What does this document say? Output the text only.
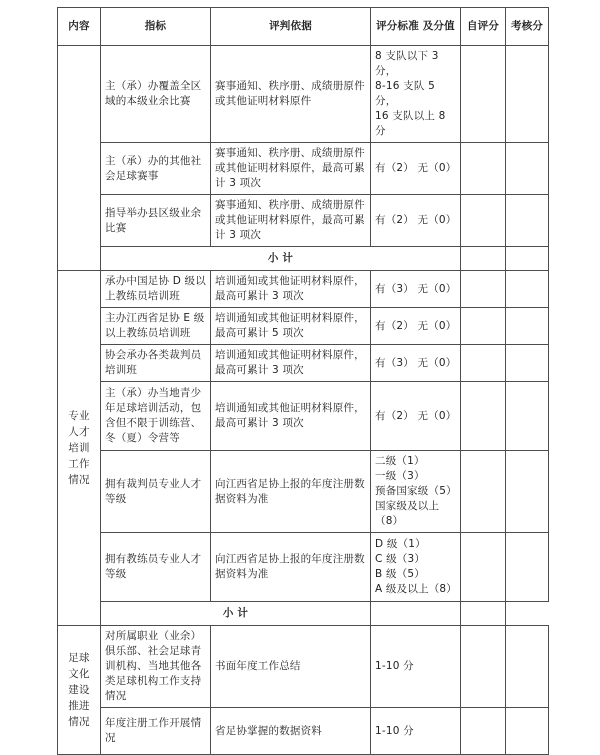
内容	指标	评判依据	评分标准 及分值	自评分	考核分
	主（承）办覆盖全区域的本级业余比赛	赛事通知、秩序册、成绩册原件或其他证明材料原件	8 支队以下 3 分，
8-16 支队 5 分，
16 支队以上 8 分		

	主（承）办的其他社会足球赛事	赛事通知、秩序册、成绩册原件或其他证明材料原件，最高可累计 3 项次	有（2） 无（0）		

	指导举办县区级业余比赛	赛事通知、秩序册、成绩册原件或其他证明材料原件，最高可累计 3 项次	有（2） 无（0）		

	小 计				

专业
人才
培训
工作
情况	承办中国足协 D 级以上教练员培训班	培训通知或其他证明材料原件，最高可累计 3 项次	有（3） 无（0）		

	主办江西省足协 E 级以上教练员培训班	培训通知或其他证明材料原件，最高可累计 5 项次	有（2） 无（0）		

	协会承办各类裁判员培训班	培训通知或其他证明材料原件，最高可累计 3 项次	有（3） 无（0）		

	主（承）办当地青少年足球培训活动，包含但不限于训练营、冬（夏）令营等	培训通知或其他证明材料原件，最高可累计 3 项次	有（2） 无（0）		

	拥有裁判员专业人才等级	向江西省足协上报的年度注册数据资料为准	二级（1）
一级（3）
预备国家级（5）
国家级及以上（8）		

	拥有教练员专业人才等级	向江西省足协上报的年度注册数据资料为准	D 级（1）
C 级（3）
B 级（5）
A 级及以上（8）		

	小 计				

足球
文化
建设
推进
情况	对所属职业（业余）俱乐部、社会足球青训机构、当地其他各类足球机构工作支持情况	书面年度工作总结	1-10 分		

	年度注册工作开展情况	省足协掌握的数据资料	1-10 分		
